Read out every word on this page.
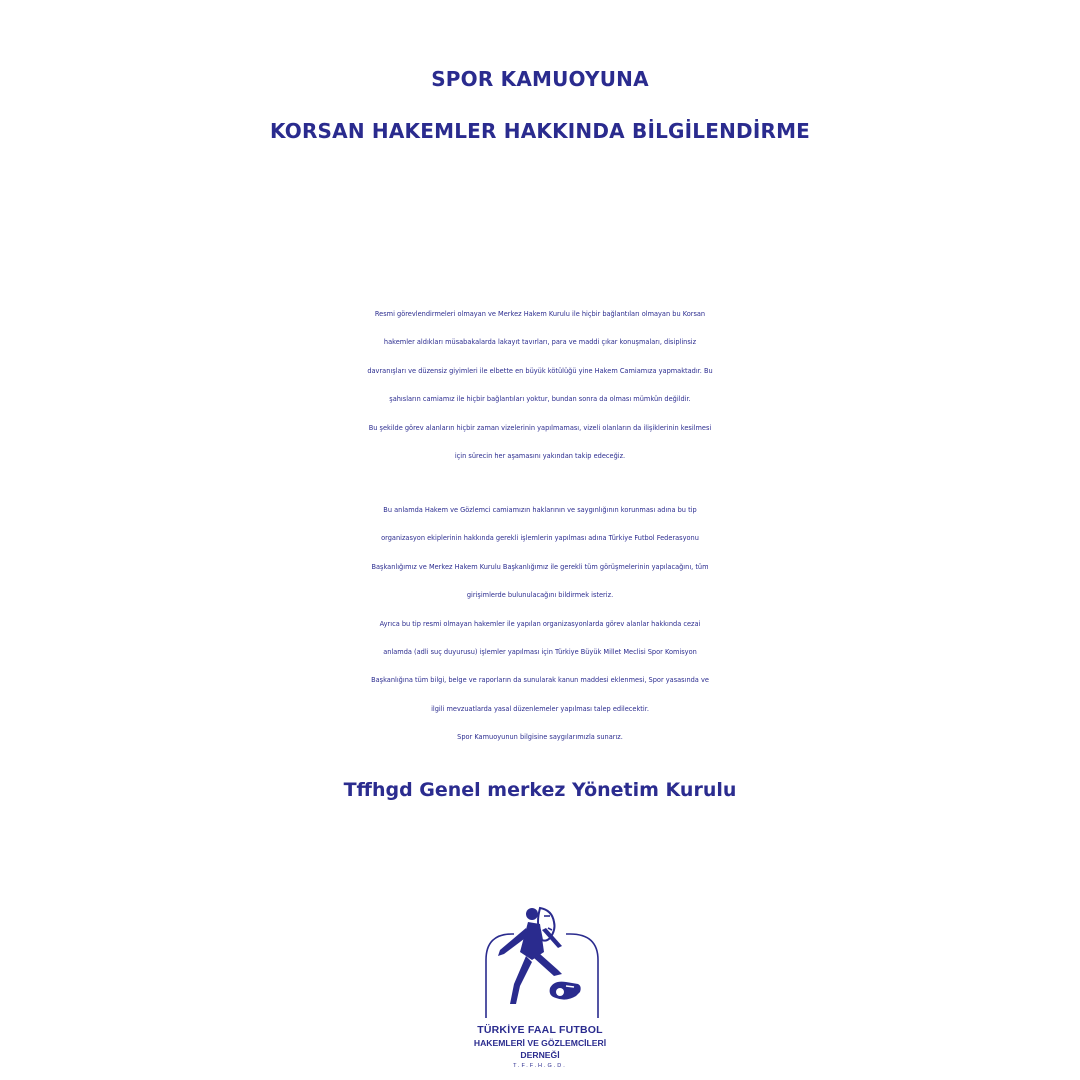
SPOR KAMUOYUNA
KORSAN HAKEMLER HAKKINDA BİLGİLENDİRME
Resmi görevlendirmeleri olmayan ve Merkez Hakem Kurulu ile hiçbir bağlantıları olmayan bu Korsan
hakemler aldıkları müsabakalarda lakayıt tavırları, para ve maddi çıkar konuşmaları, disiplinsiz
davranışları ve düzensiz giyimleri ile elbette en büyük kötülüğü yine Hakem Camiamıza yapmaktadır. Bu
şahısların camiamız ile hiçbir bağlantıları yoktur, bundan sonra da olması mümkün değildir.
Bu şekilde görev alanların hiçbir zaman vizelerinin yapılmaması, vizeli olanların da ilişiklerinin kesilmesi
için sürecin her aşamasını yakından takip edeceğiz.
Bu anlamda Hakem ve Gözlemci camiamızın haklarının ve saygınlığının korunması adına bu tip
organizasyon ekiplerinin hakkında gerekli işlemlerin yapılması adına Türkiye Futbol Federasyonu
Başkanlığımız ve Merkez Hakem Kurulu Başkanlığımız ile gerekli tüm görüşmelerinin yapılacağını, tüm
girişimlerde bulunulacağını bildirmek isteriz.
Ayrıca bu tip resmi olmayan hakemler ile yapılan organizasyonlarda görev alanlar hakkında cezai
anlamda (adli suç duyurusu) işlemler yapılması için Türkiye Büyük Millet Meclisi Spor Komisyon
Başkanlığına tüm bilgi, belge ve raporların da sunularak kanun maddesi eklenmesi, Spor yasasında ve
ilgili mevzuatlarda yasal düzenlemeler yapılması talep edilecektir.
Spor Kamuoyunun bilgisine saygılarımızla sunarız.
Tffhgd Genel merkez Yönetim Kurulu
TÜRKİYE FAAL FUTBOL
HAKEMLERİ VE GÖZLEMCİLERİ
DERNEĞİ
T.F.F.H.G.D.
